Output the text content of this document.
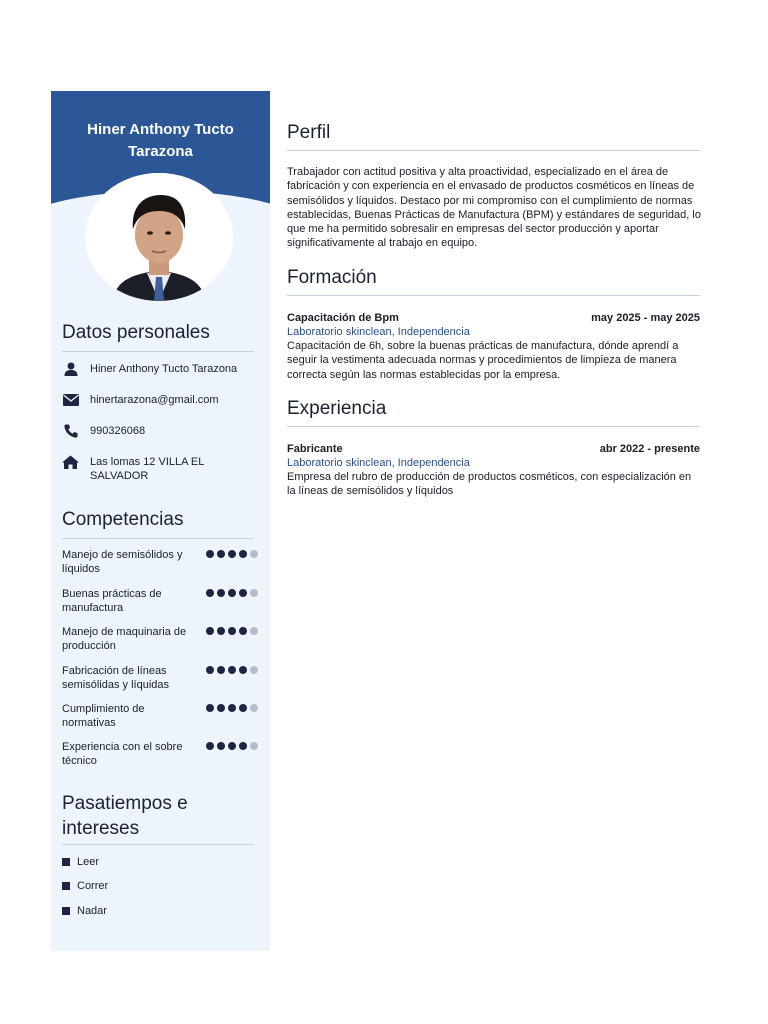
Hiner Anthony Tucto
Tarazona
Datos personales
Hiner Anthony Tucto Tarazona
hinertarazona@gmail.com
990326068
Las lomas 12 VILLA EL SALVADOR
Competencias
Manejo de semisólidos y líquidos
Buenas prácticas de manufactura
Manejo de maquinaria de producción
Fabricación de líneas semisólidas y líquidas
Cumplimiento de normativas
Experiencia con el sobre técnico
Pasatiempos e
intereses
Leer
Correr
Nadar
Perfil
Trabajador con actitud positiva y alta proactividad, especializado en el área de fabricación y con experiencia en el envasado de productos cosméticos en líneas de semisólidos y líquidos. Destaco por mi compromiso con el cumplimiento de normas establecidas, Buenas Prácticas de Manufactura (BPM) y estándares de seguridad, lo que me ha permitido sobresalir en empresas del sector producción y aportar significativamente al trabajo en equipo.
Formación
Capacitación de Bpm	may 2025 - may 2025
Laboratorio skinclean, Independencia
Capacitación de 6h, sobre la buenas prácticas de manufactura, dónde aprendí a seguir la vestimenta adecuada normas y procedimientos de limpieza de manera correcta según las normas establecidas por la empresa.
Experiencia
Fabricante	abr 2022 - presente
Laboratorio skinclean, Independencia
Empresa del rubro de producción de productos cosméticos, con especialización en la líneas de semisólidos y líquidos
